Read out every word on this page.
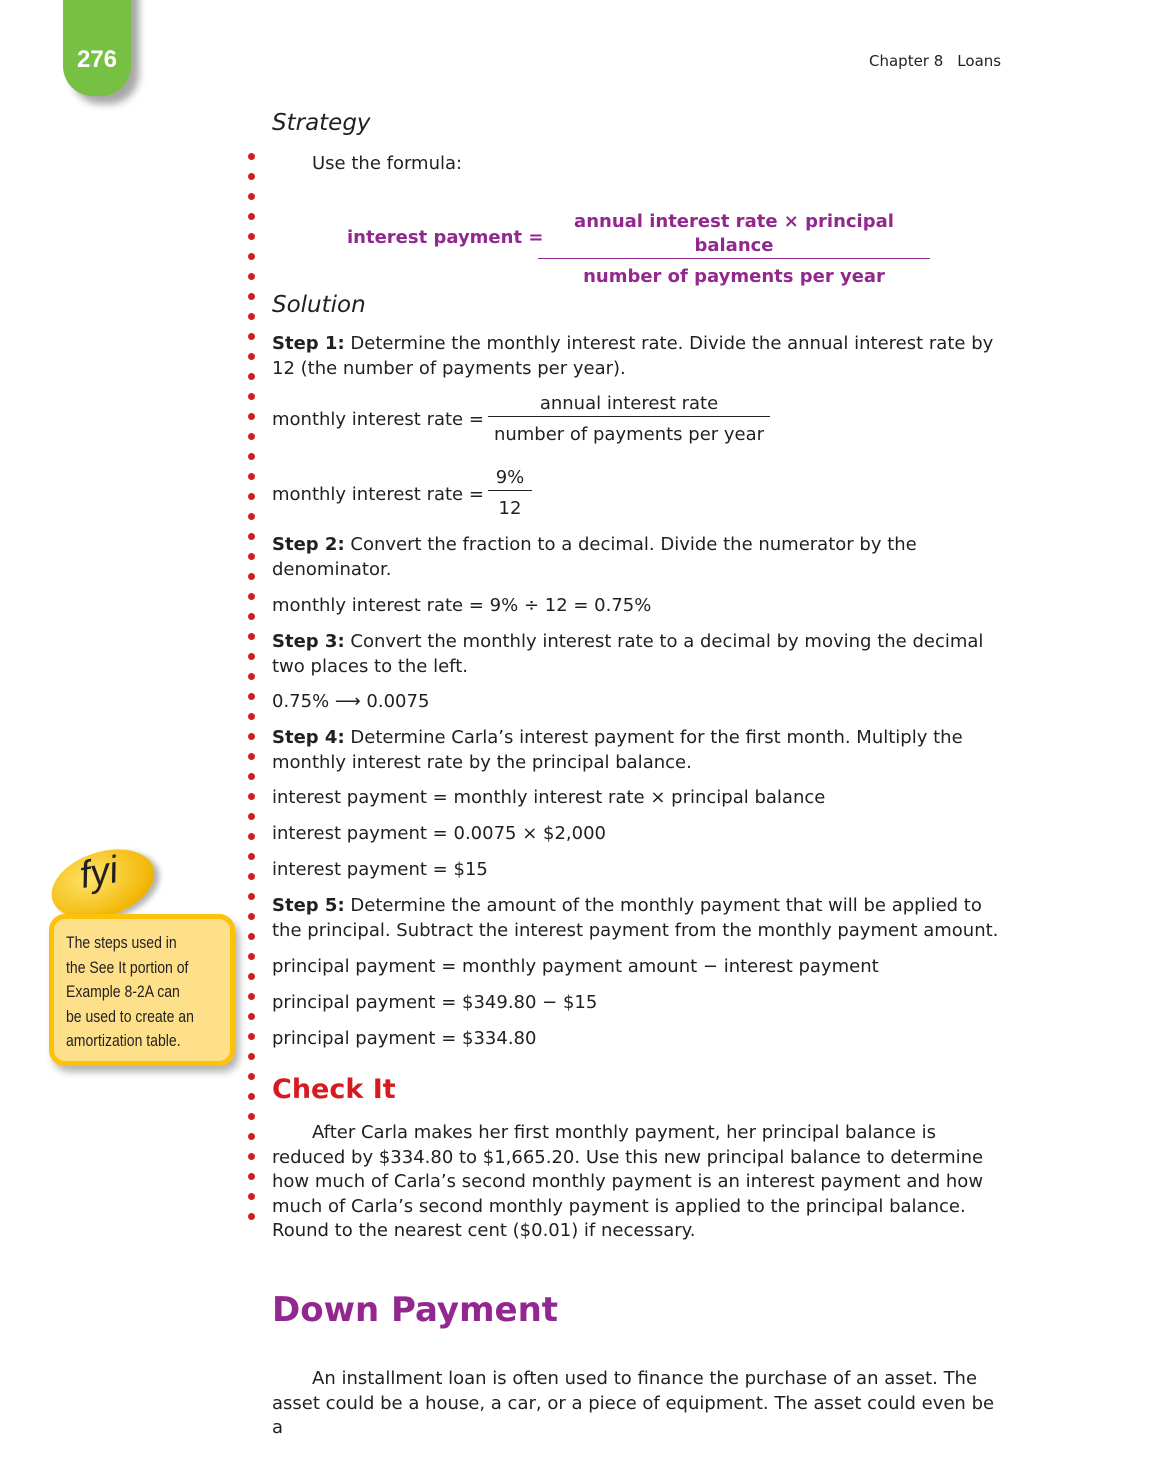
276	Chapter 8 Loans
Strategy
Use the formula:
interest payment =
annual interest rate × principal balance
number of payments per year
Solution
Step 1: Determine the monthly interest rate. Divide the annual interest rate by
12 (the number of payments per year).
monthly interest rate =
annual interest rate
number of payments per year
monthly interest rate = $\frac{9\%}{12}$
Step 2: Convert the fraction to a decimal. Divide the numerator by the
denominator.
monthly interest rate = 9% ÷ 12 = 0.75%
Step 3: Convert the monthly interest rate to a decimal by moving the decimal
two places to the left.
0.75% ⟶ 0.0075
Step 4: Determine Carla’s interest payment for the first month. Multiply the
monthly interest rate by the principal balance.
interest payment = monthly interest rate × principal balance
interest payment = 0.0075 × $2,000
interest payment = $15
Step 5: Determine the amount of the monthly payment that will be applied to
the principal. Subtract the interest payment from the monthly payment amount.
principal payment = monthly payment amount − interest payment
principal payment = $349.80 − $15
principal payment = $334.80
Check It
After Carla makes her first monthly payment, her principal balance is reduced by $334.80 to $1,665.20. Use this new principal balance to determine how much of Carla’s second monthly payment is an interest payment and how much of Carla’s second monthly payment is applied to the principal balance. Round to the nearest cent ($0.01) if necessary.
Down Payment
An installment loan is often used to finance the purchase of an asset. The asset could be a house, a car, or a piece of equipment. The asset could even be a
fyi
The steps used in
the See It portion of
Example 8-2A can
be used to create an
amortization table.
